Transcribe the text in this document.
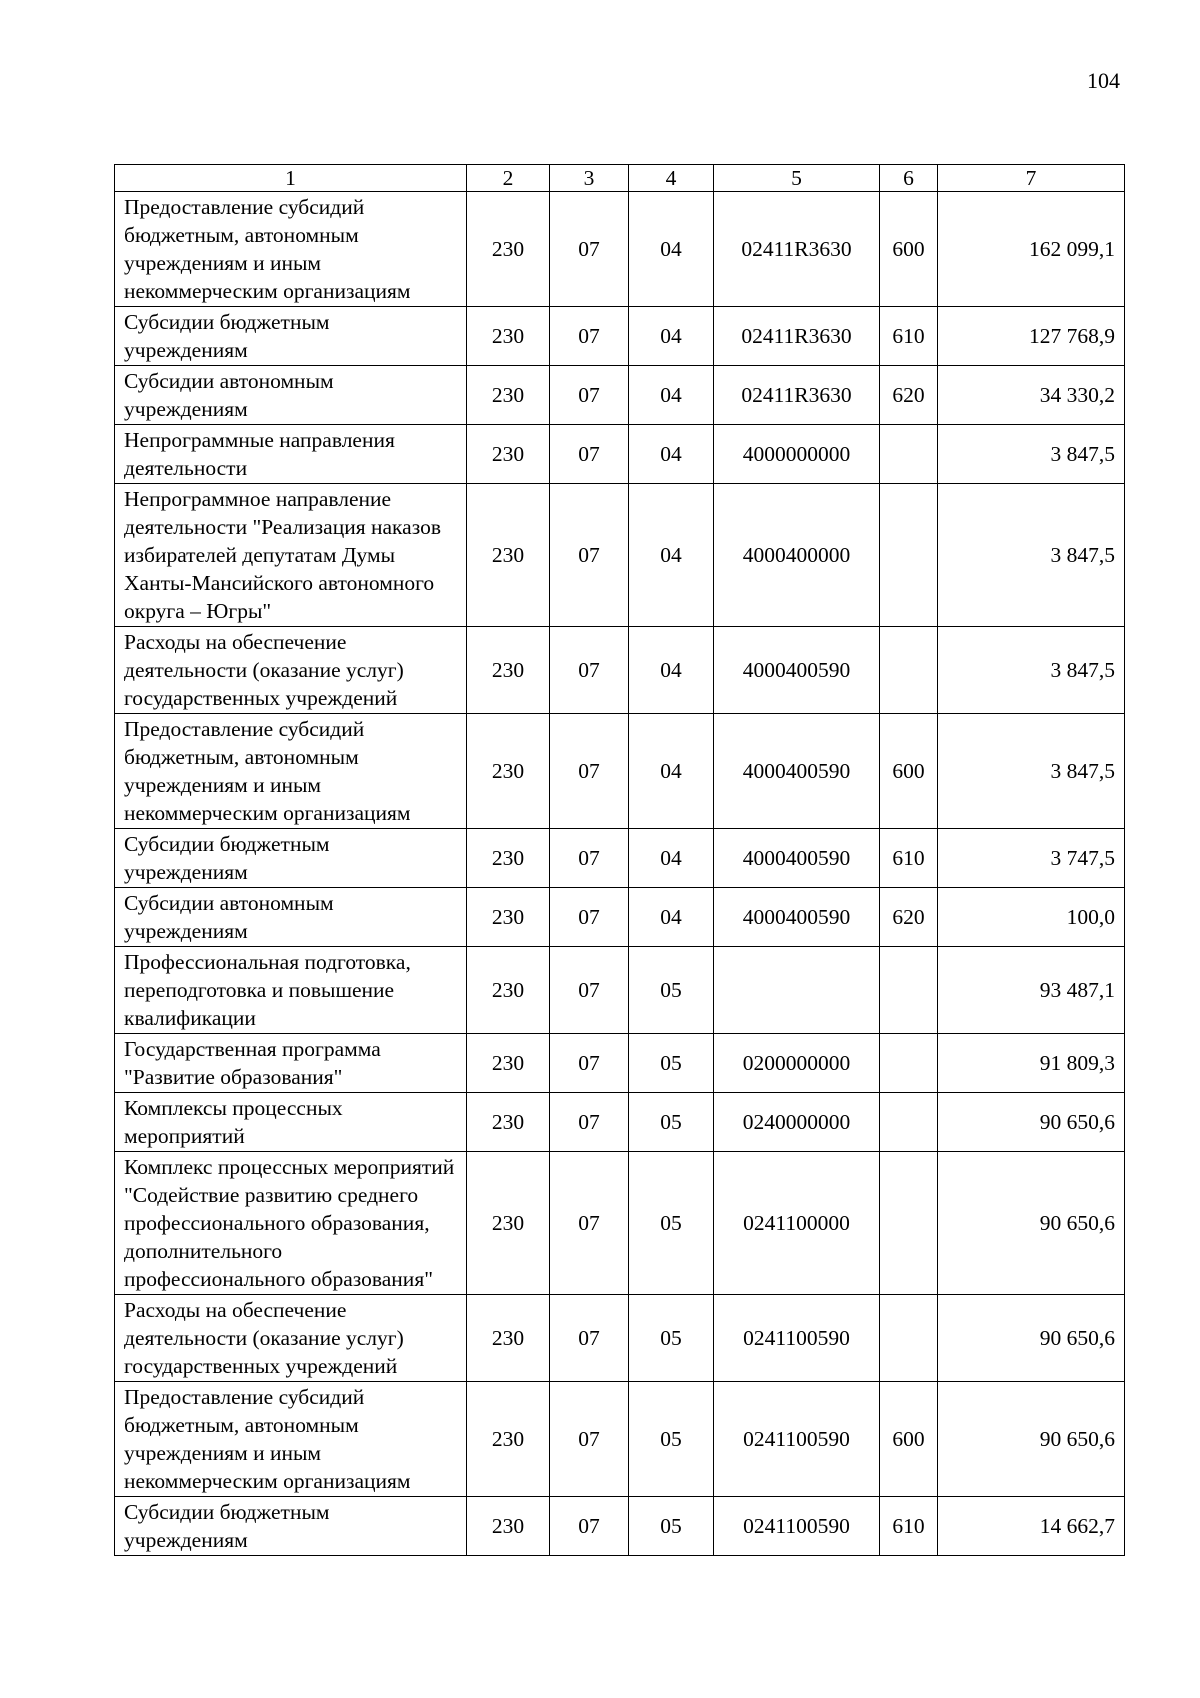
104
1	2	3	4	5	6	7
Предоставление субсидий бюджетным, автономным учреждениям и иным некоммерческим организациям	230	07	04	02411R3630	600	162 099,1
Субсидии бюджетным учреждениям	230	07	04	02411R3630	610	127 768,9
Субсидии автономным учреждениям	230	07	04	02411R3630	620	34 330,2
Непрограммные направления деятельности	230	07	04	4000000000		3 847,5
Непрограммное направление деятельности "Реализация наказов избирателей депутатам Думы Ханты-Мансийского автономного округа – Югры"	230	07	04	4000400000		3 847,5
Расходы на обеспечение деятельности (оказание услуг) государственных учреждений	230	07	04	4000400590		3 847,5
Предоставление субсидий бюджетным, автономным учреждениям и иным некоммерческим организациям	230	07	04	4000400590	600	3 847,5
Субсидии бюджетным учреждениям	230	07	04	4000400590	610	3 747,5
Субсидии автономным учреждениям	230	07	04	4000400590	620	100,0
Профессиональная подготовка, переподготовка и повышение квалификации	230	07	05			93 487,1
Государственная программа "Развитие образования"	230	07	05	0200000000		91 809,3
Комплексы процессных мероприятий	230	07	05	0240000000		90 650,6
Комплекс процессных мероприятий "Содействие развитию среднего профессионального образования, дополнительного профессионального образования"	230	07	05	0241100000		90 650,6
Расходы на обеспечение деятельности (оказание услуг) государственных учреждений	230	07	05	0241100590		90 650,6
Предоставление субсидий бюджетным, автономным учреждениям и иным некоммерческим организациям	230	07	05	0241100590	600	90 650,6
Субсидии бюджетным учреждениям	230	07	05	0241100590	610	14 662,7
